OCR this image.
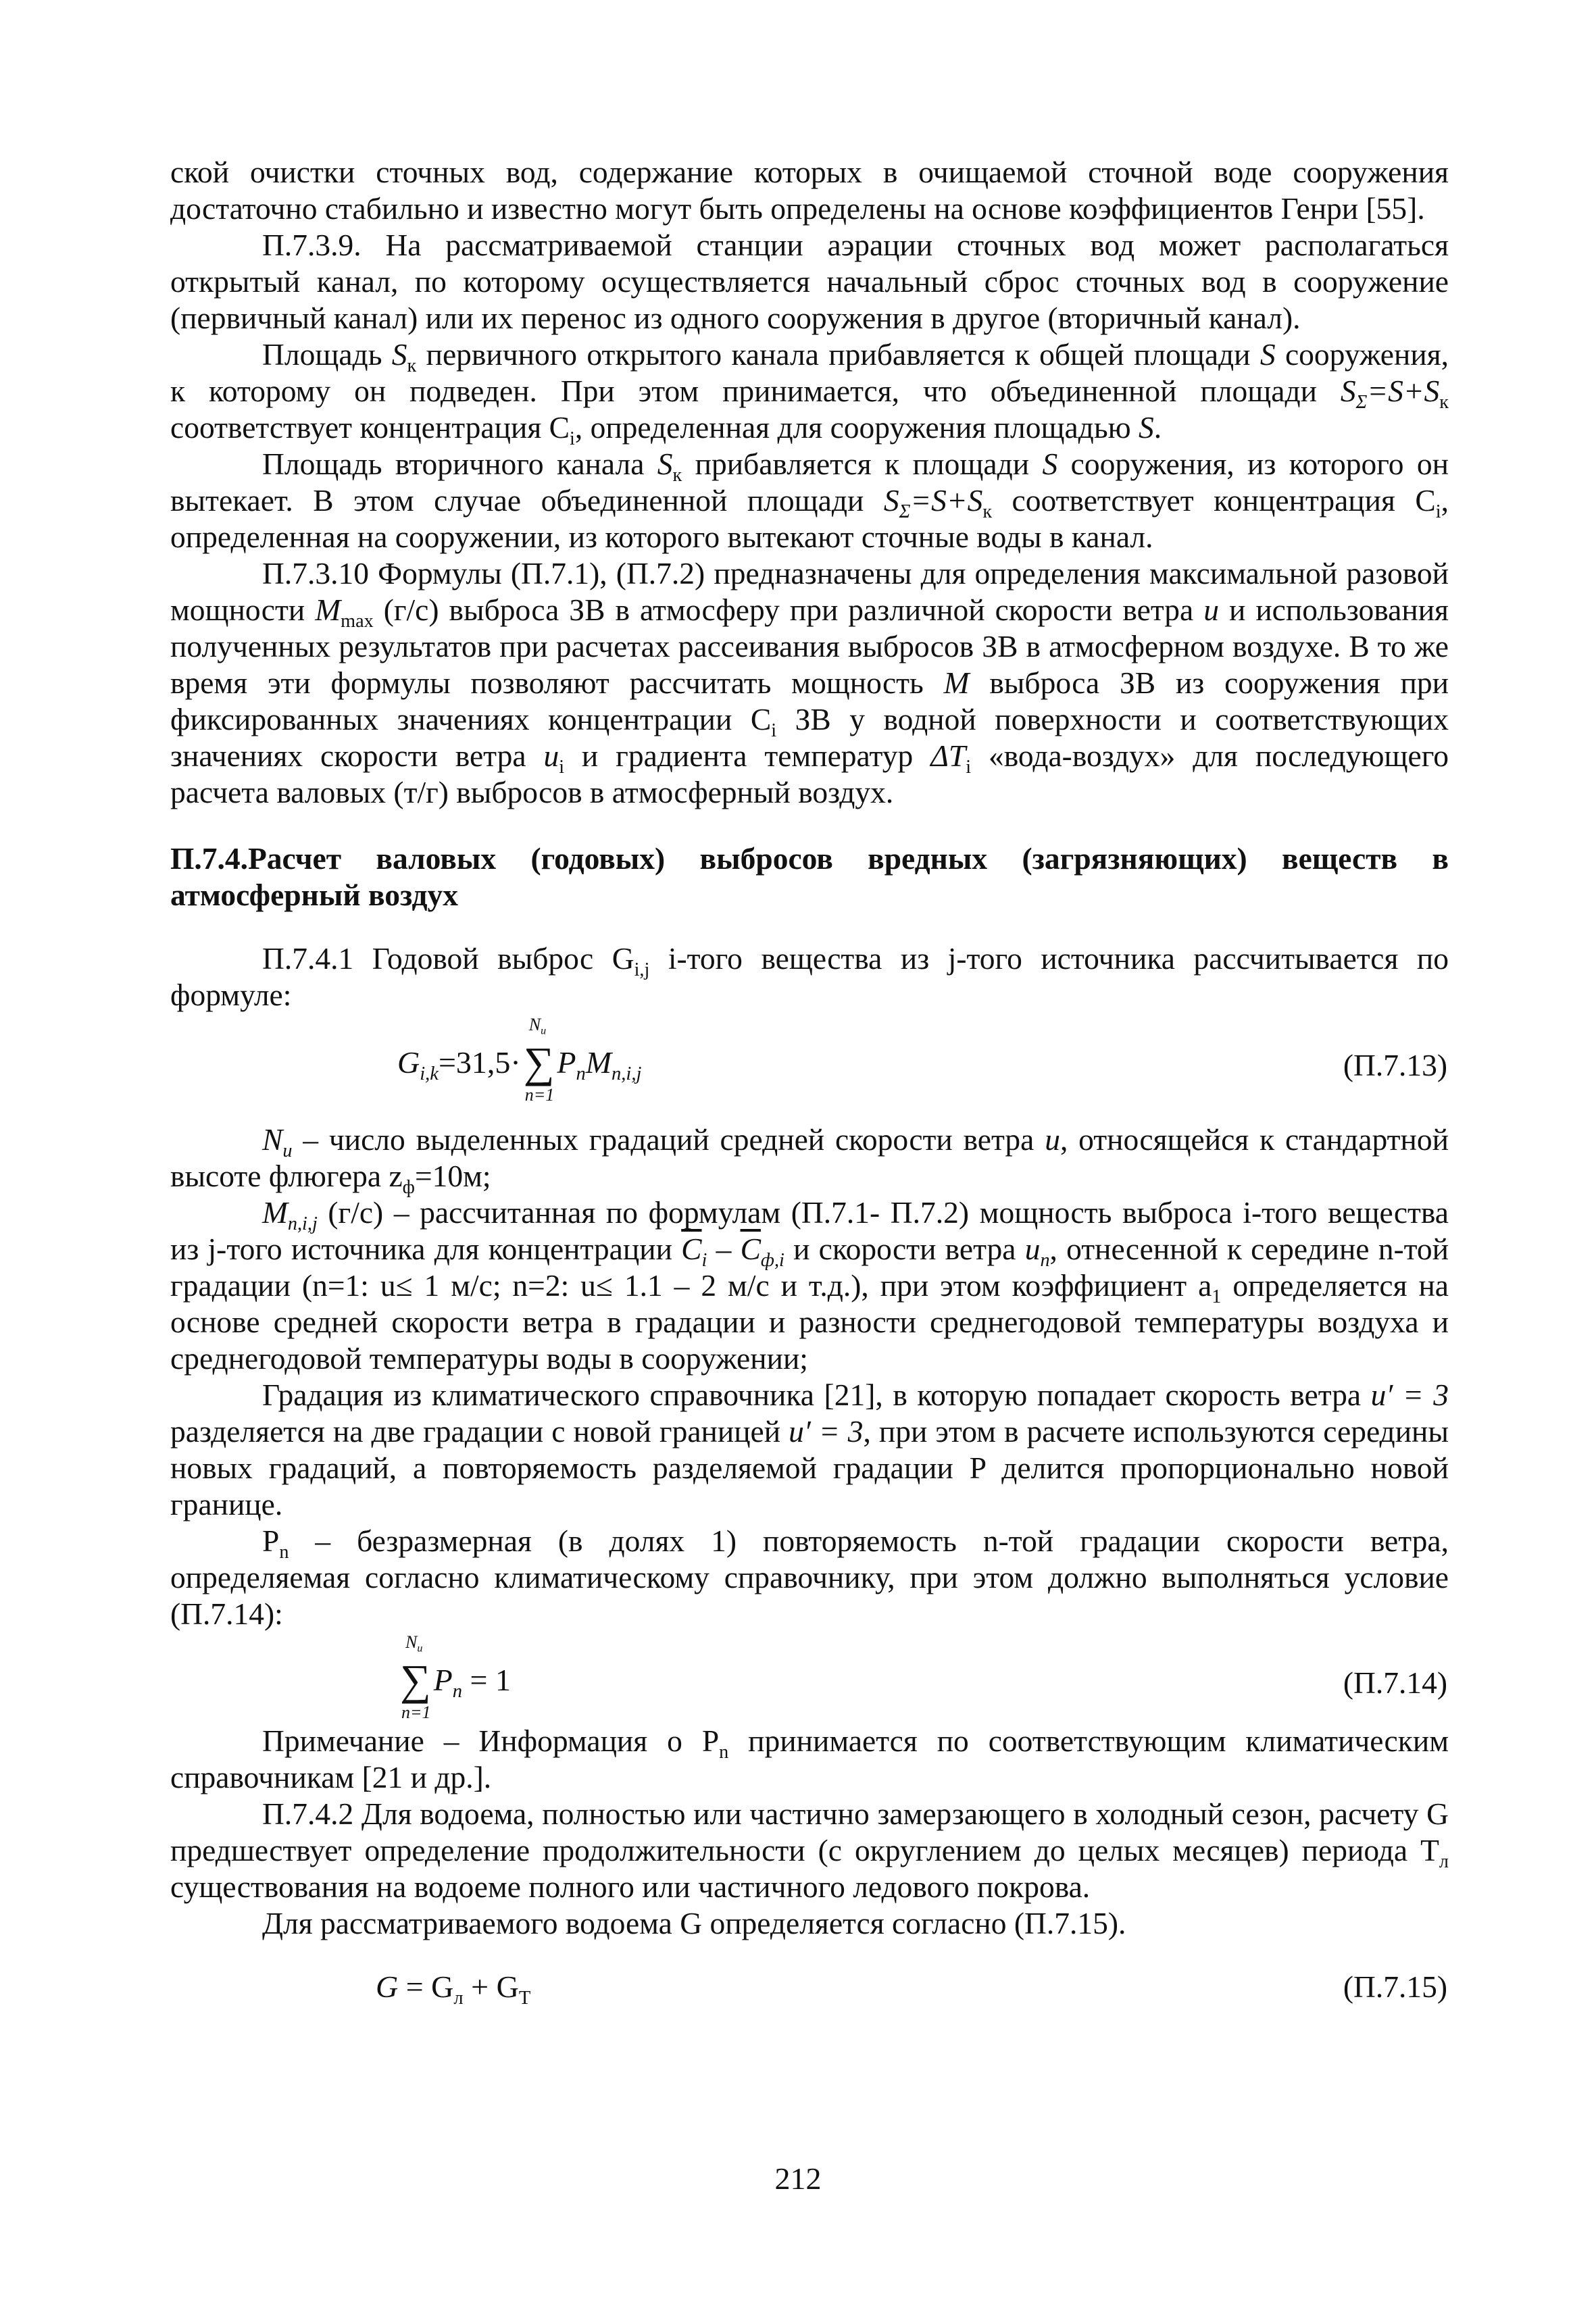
ской очистки сточных вод, содержание которых в очищаемой сточной воде сооружения достаточно стабильно и известно могут быть определены на основе коэффициентов Генри [55].

П.7.3.9. На рассматриваемой станции аэрации сточных вод может располагаться открытый канал, по которому осуществляется начальный сброс сточных вод в сооружение (первичный канал) или их перенос из одного сооружения в другое (вторичный канал).

Площадь $S_к$ первичного открытого канала прибавляется к общей площади S сооружения, к которому он подведен. При этом принимается, что объединенной площади $S_\Sigma=S+S_к$ соответствует концентрация $C_i$, определенная для сооружения площадью S.

Площадь вторичного канала $S_к$ прибавляется к площади S сооружения, из которого он вытекает. В этом случае объединенной площади $S_\Sigma=S+S_к$ соответствует концентрация $C_i$, определенная на сооружении, из которого вытекают сточные воды в канал.

П.7.3.10 Формулы (П.7.1), (П.7.2) предназначены для определения максимальной разовой мощности $M_{max}$ (г/с) выброса ЗВ в атмосферу при различной скорости ветра u и использования полученных результатов при расчетах рассеивания выбросов ЗВ в атмосферном воздухе. В то же время эти формулы позволяют рассчитать мощность M выброса ЗВ из сооружения при фиксированных значениях концентрации $C_i$ ЗВ у водной поверхности и соответствующих значениях скорости ветра $u_i$ и градиента температур $\Delta T_i$ «вода-воздух» для последующего расчета валовых (т/г) выбросов в атмосферный воздух.

П.7.4.Расчет валовых (годовых) выбросов вредных (загрязняющих) веществ в атмосферный воздух

П.7.4.1 Годовой выброс $G_{i,j}$ i-того вещества из j-того источника рассчитывается по формуле:

$G_{i,k}=31,5\cdot\sum$
$N_u$
n=1
$P_nM_{n,i,j}$	(П.7.13)

$N_u$ – число выделенных градаций средней скорости ветра u, относящейся к стандартной высоте флюгера $z_ф=10м$;

$M_{n,i,j}$ (г/с) – рассчитанная по формулам (П.7.1- П.7.2) мощность выброса i-того вещества из j-того источника для концентрации $\overline{C}_i - \overline{C}_{ф,i}$ и скорости ветра $u_n$, отнесенной к середине n-той градации (n=1: u≤ 1 м/с; n=2: u≤ 1.1 – 2 м/с и т.д.), при этом коэффициент $a_1$ определяется на основе средней скорости ветра в градации и разности среднегодовой температуры воздуха и среднегодовой температуры воды в сооружении;

Градация из климатического справочника [21], в которую попадает скорость ветра u′ = 3 разделяется на две градации с новой границей u′ = 3, при этом в расчете используются середины новых градаций, а повторяемость разделяемой градации P делится пропорционально новой границе.

$P_n$ – безразмерная (в долях 1) повторяемость n-той градации скорости ветра, определяемая согласно климатическому справочнику, при этом должно выполняться условие (П.7.14):

∑
$N_u$
n=1
$P_n = 1$	(П.7.14)

Примечание – Информация о $P_n$ принимается по соответствующим климатическим справочникам [21 и др.].

П.7.4.2 Для водоема, полностью или частично замерзающего в холодный сезон, расчету G предшествует определение продолжительности (с округлением до целых месяцев) периода $T_л$ существования на водоеме полного или частичного ледового покрова.

Для рассматриваемого водоема G определяется согласно (П.7.15).

$G = G_л + G_T$	(П.7.15)
212
